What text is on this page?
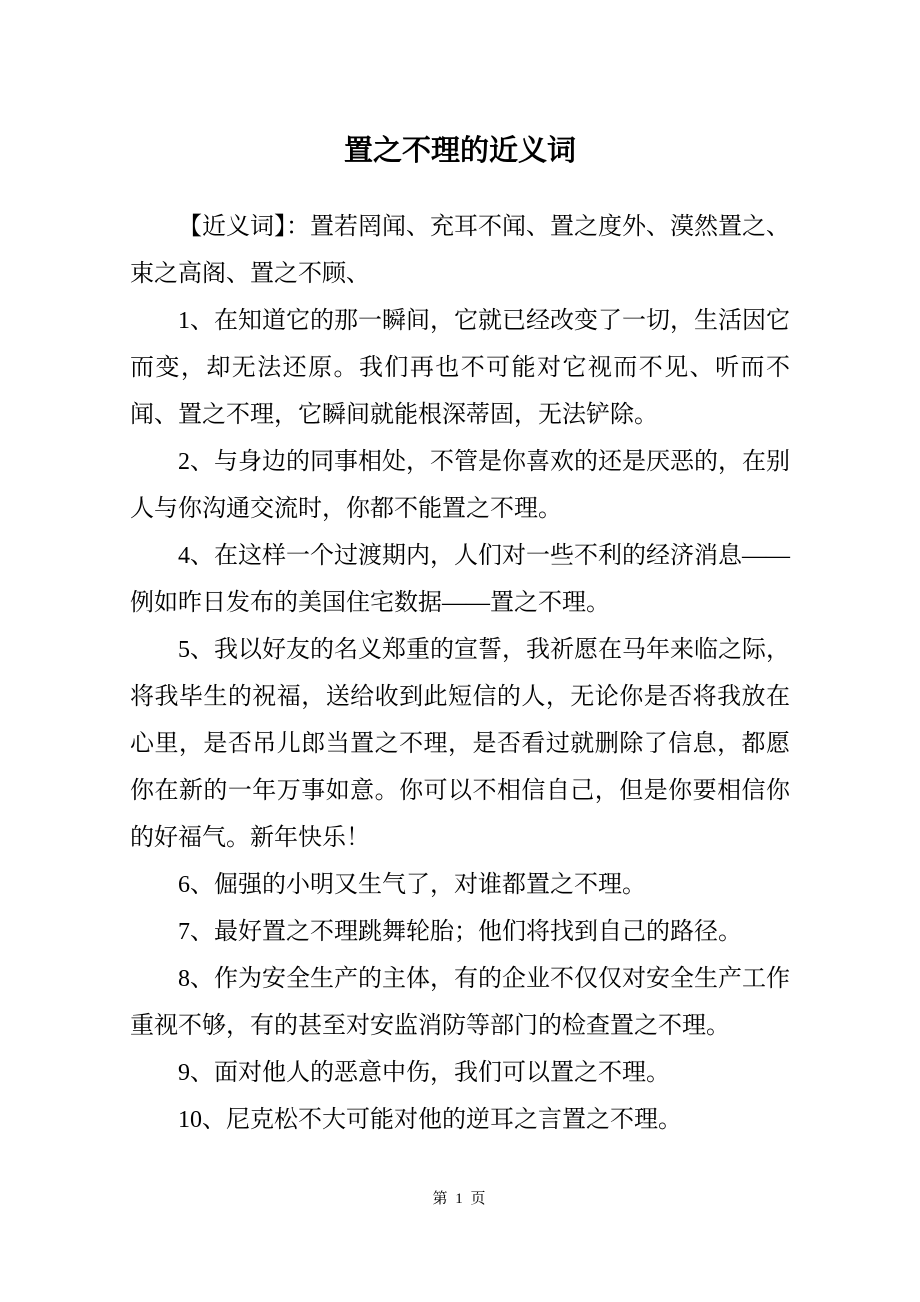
置之不理的近义词

【近义词】：置若罔闻、充耳不闻、置之度外、漠然置之、束之高阁、置之不顾、

1、在知道它的那一瞬间，它就已经改变了一切，生活因它而变，却无法还原。我们再也不可能对它视而不见、听而不闻、置之不理，它瞬间就能根深蒂固，无法铲除。

2、与身边的同事相处，不管是你喜欢的还是厌恶的，在别人与你沟通交流时，你都不能置之不理。

4、在这样一个过渡期内，人们对一些不利的经济消息——例如昨日发布的美国住宅数据——置之不理。

5、我以好友的名义郑重的宣誓，我祈愿在马年来临之际，将我毕生的祝福，送给收到此短信的人，无论你是否将我放在心里，是否吊儿郎当置之不理，是否看过就删除了信息，都愿你在新的一年万事如意。你可以不相信自己，但是你要相信你的好福气。新年快乐！

6、倔强的小明又生气了，对谁都置之不理。

7、最好置之不理跳舞轮胎；他们将找到自己的路径。

8、作为安全生产的主体，有的企业不仅仅对安全生产工作重视不够，有的甚至对安监消防等部门的检查置之不理。

9、面对他人的恶意中伤，我们可以置之不理。

10、尼克松不大可能对他的逆耳之言置之不理。

第 1 页
